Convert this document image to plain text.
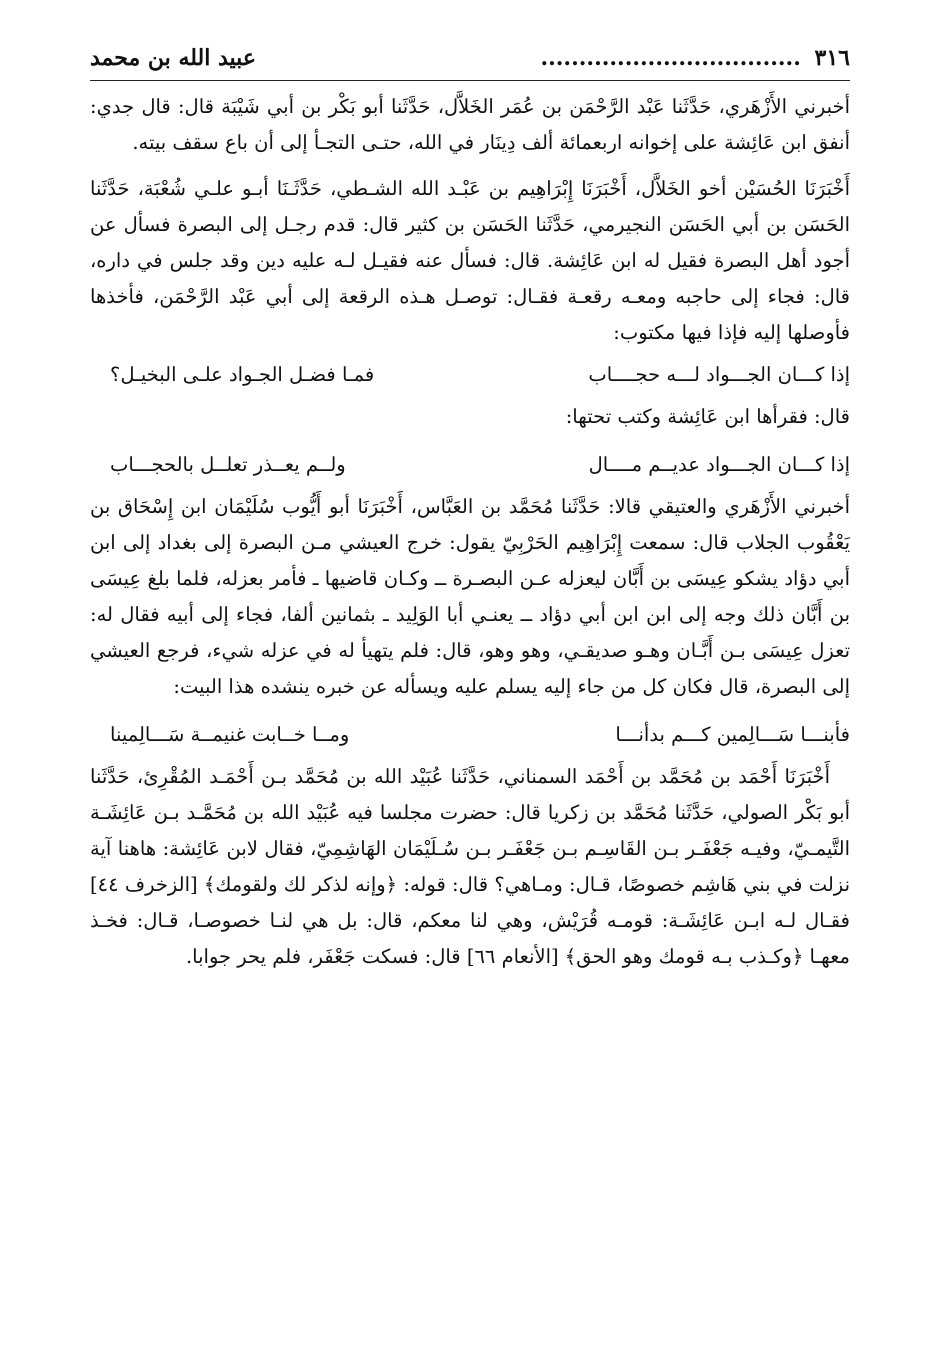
٣١٦ ..................................
عبيد الله بن محمد

أخبرني الأَزْهَري، حَدَّثَنا عَبْد الرَّحْمَن بن عُمَر الخَلاَّل، حَدَّثَنا أبو بَكْر بن أبي شَيْبَة قال: قال جدي: أنفق ابن عَائِشة على إخوانه اربعمائة ألف دِينَار في الله، حتـى التجـأ إلى أن باع سقف بيته.

أَخْبَرَنَا الحُسَيْن أخو الخَلاَّل، أَخْبَرَنَا إِبْرَاهِيم بن عَبْـد الله الشـطي، حَدَّثَـنَا أبـو علـي شُعْبَة، حَدَّثَنا الحَسَن بن أبي الحَسَن النجيرمي، حَدَّثَنا الحَسَن بن كثير قال: قدم رجـل إلى البصرة فسأل عن أجود أهل البصرة فقيل له ابن عَائِشة. قال: فسأل عنه فقيـل لـه عليه دين وقد جلس في داره، قال: فجاء إلى حاجبه ومعـه رقعـة فقـال: توصـل هـذه الرقعة إلى أبي عَبْد الرَّحْمَن، فأخذها فأوصلها إليه فإذا فيها مكتوب:

إذا كـــان الجـــواد لـــه حجــــاب
فمـا فضـل الجـواد علـى البخيـل؟

قال: فقرأها ابن عَائِشة وكتب تحتها:

إذا كـــان الجـــواد عديــم مــــال
ولــم يعــذر تعلــل بالحجـــاب

أخبرني الأَزْهَري والعتيقي قالا: حَدَّثَنا مُحَمَّد بن العَبَّاس، أَخْبَرَنَا أبو أَيُّوب سُلَيْمَان ابن إِسْحَاق بن يَعْقُوب الجلاب قال: سمعت إِبْرَاهِيم الحَرْبِيّ يقول: خرج العيشي مـن البصرة إلى بغداد إلى ابن أبي دؤاد يشكو عِيسَى بن أَبَّان ليعزله عـن البصـرة ــ وكـان قاضيها ـ فأمر بعزله، فلما بلغ عِيسَى بن أَبَّان ذلك وجه إلى ابن ابن أبي دؤاد ــ يعنـي أبا الوَلِيد ـ بثمانين ألفا، فجاء إلى أبيه فقال له: تعزل عِيسَى بـن أَبَّـان وهـو صديقـي، وهو وهو، قال: فلم يتهيأ له في عزله شيء، فرجع العيشي إلى البصرة، قال فكان كل من جاء إليه يسلم عليه ويسأله عن خبره ينشده هذا البيت:

فأبنـــا سَـــالِمين كـــم بدأنـــا
ومــا خــابت غنيمــة سَـــالِمينا

أَخْبَرَنَا أَحْمَد بن مُحَمَّد بن أَحْمَد السمناني، حَدَّثَنا عُبَيْد الله بن مُحَمَّد بـن أَحْمَـد المُقْرِئ، حَدَّثَنا أبو بَكْر الصولي، حَدَّثَنا مُحَمَّد بن زكريا قال: حضرت مجلسا فيه عُبَيْد الله بن مُحَمَّـد بـن عَائِشَـة التَّيمـيّ، وفيـه جَعْفَـر بـن القَاسِـم بـن جَعْفَـر بـن سُـلَيْمَان الهَاشِمِيّ، فقال لابن عَائِشة: هاهنا آية نزلت في بني هَاشِم خصوصًا، قـال: ومـاهي؟ قال: قوله: ﴿وإنه لذكر لك ولقومك﴾ [الزخرف ٤٤] فقـال لـه ابـن عَائِشَـة: قومـه قُرَيْش، وهي لنا معكم، قال: بل هي لنـا خصوصـا، قـال: فخـذ معهـا ﴿وكـذب بـه قومك وهو الحق﴾ [الأنعام ٦٦] قال: فسكت جَعْفَر، فلم يحر جوابا.
